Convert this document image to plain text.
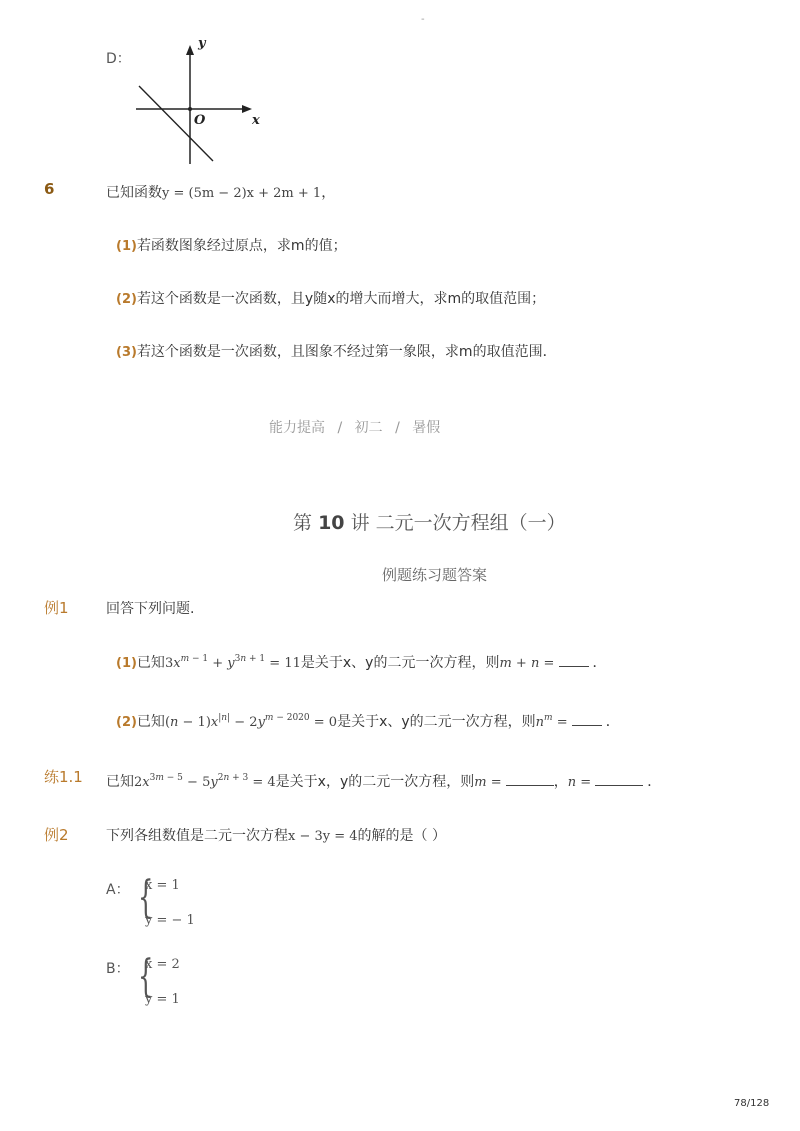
-
D：
y
x
O
6	已知函数y = (5m − 2)x + 2m + 1，
(1)若函数图象经过原点，求m的值；
(2)若这个函数是一次函数，且y随x的增大而增大，求m的取值范围；
(3)若这个函数是一次函数，且图象不经过第一象限，求m的取值范围．
能力提高 / 初二 / 暑假
第 10 讲 二元一次方程组（一）
例题练习题答案
例1	回答下列问题.
(1)已知$3x^{m - 1} + y^{3n + 1} = 11$是关于x、y的二元一次方程，则m + n = ．
(2)已知$(n - 1)x^{|n|} - 2y^{m - 2020} = 0$是关于x、y的二元一次方程，则$n^m$ = ．
练1.1 已知$2x^{3m - 5} - 5y^{2n + 3} = 4$是关于x，y的二元一次方程，则m =	，n =	．
例2	下列各组数值是二元一次方程x − 3y = 4的解的是（ ）
A： {
x = 1
y = − 1
B： {
x = 2
y = 1
78/128
